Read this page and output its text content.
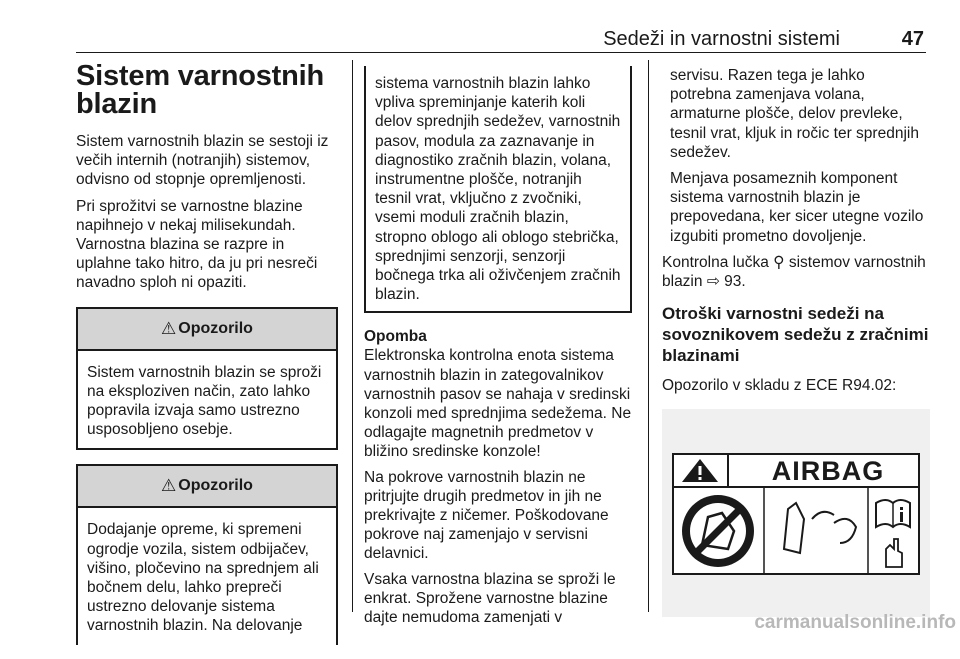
Sedeži in varnostni sistemi	47
Sistem varnostnih blazin

Sistem varnostnih blazin se sestoji iz večih internih (notranjih) sistemov, odvisno od stopnje opremljenosti.

Pri sprožitvi se varnostne blazine napihnejo v nekaj milisekundah. Varnostna blazina se razpre in uplahne tako hitro, da ju pri nesreči navadno sploh ni opaziti.

⚠ Opozorilo
Sistem varnostnih blazin se sproži na eksploziven način, zato lahko popravila izvaja samo ustrezno usposobljeno osebje.
⚠ Opozorilo
Dodajanje opreme, ki spremeni ogrodje vozila, sistem odbijačev, višino, pločevino na sprednjem ali bočnem delu, lahko prepreči ustrezno delovanje sistema varnostnih blazin. Na delovanje
sistema varnostnih blazin lahko vpliva spreminjanje katerih koli delov sprednjih sedežev, varnostnih pasov, modula za zaznavanje in diagnostiko zračnih blazin, volana, instrumentne plošče, notranjih tesnil vrat, vključno z zvočniki, vsemi moduli zračnih blazin, stropno oblogo ali oblogo stebrička, sprednjimi senzorji, senzorji bočnega trka ali oživčenjem zračnih blazin.
Opomba

Elektronska kontrolna enota sistema varnostnih blazin in zategovalnikov varnostnih pasov se nahaja v sredinski konzoli med sprednjima sedežema. Ne odlagajte magnetnih predmetov v bližino sredinske konzole!

Na pokrove varnostnih blazin ne pritrjujte drugih predmetov in jih ne prekrivajte z ničemer. Poškodovane pokrove naj zamenjajo v servisni delavnici.

Vsaka varnostna blazina se sproži le enkrat. Sprožene varnostne blazine dajte nemudoma zamenjati v

servisu. Razen tega je lahko potrebna zamenjava volana, armaturne plošče, delov prevleke, tesnil vrat, kljuk in ročic ter sprednjih sedežev.

Menjava posameznih komponent sistema varnostnih blazin je prepovedana, ker sicer utegne vozilo izgubiti prometno dovoljenje.

Kontrolna lučka ⚲ sistemov varnostnih blazin ⇨ 93.

Otroški varnostni sedeži na sovoznikovem sedežu z zračnimi blazinami

Opozorilo v skladu z ECE R94.02:

AIRBAG
carmanualsonline.info
